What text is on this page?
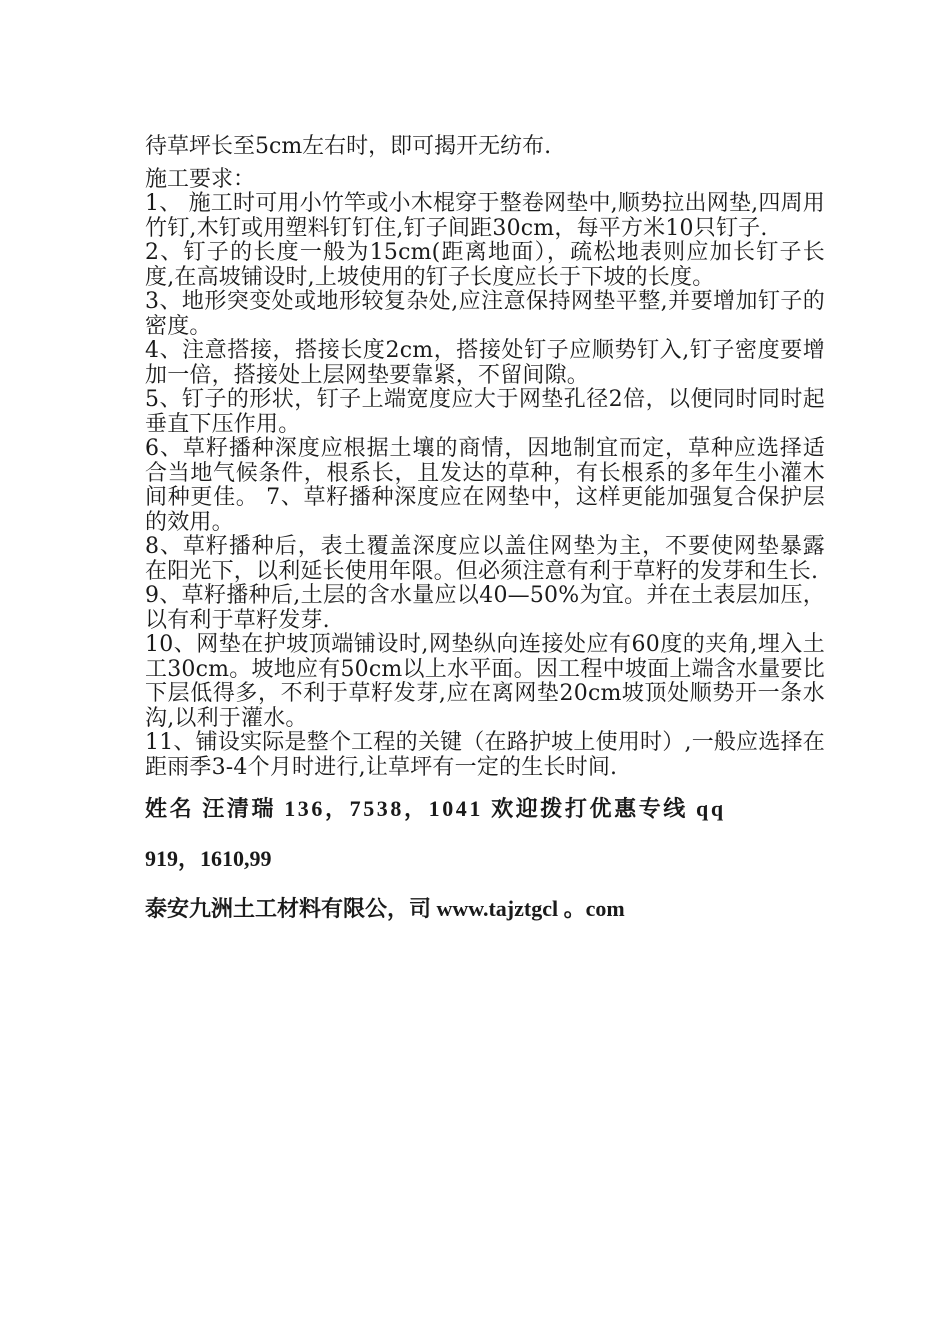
待草坪长至5cm左右时，即可揭开无纺布.

施工要求：

1、 施工时可用小竹竿或小木棍穿于整卷网垫中,顺势拉出网垫,四周用竹钉,木钉或用塑料钉钉住,钉子间距30cm，每平方米10只钉子.
2、钉子的长度一般为15cm(距离地面），疏松地表则应加长钉子长度,在高坡铺设时,上坡使用的钉子长度应长于下坡的长度。
3、地形突变处或地形较复杂处,应注意保持网垫平整,并要增加钉子的密度。
4、注意搭接，搭接长度2cm，搭接处钉子应顺势钉入,钉子密度要增加一倍，搭接处上层网垫要靠紧，不留间隙。
5、钉子的形状，钉子上端宽度应大于网垫孔径2倍，以便同时同时起垂直下压作用。
6、草籽播种深度应根据土壤的商情，因地制宜而定，草种应选择适合当地气候条件，根系长，且发达的草种，有长根系的多年生小灌木间种更佳。 7、草籽播种深度应在网垫中，这样更能加强复合保护层的效用。
8、草籽播种后，表土覆盖深度应以盖住网垫为主，不要使网垫暴露在阳光下，以利延长使用年限。但必须注意有利于草籽的发芽和生长.
9、草籽播种后,土层的含水量应以40—50%为宜。并在土表层加压，以有利于草籽发芽.
10、网垫在护坡顶端铺设时,网垫纵向连接处应有60度的夹角,埋入土工30cm。坡地应有50cm以上水平面。因工程中坡面上端含水量要比下层低得多，不利于草籽发芽,应在离网垫20cm坡顶处顺势开一条水沟,以利于灌水。
11、铺设实际是整个工程的关键（在路护坡上使用时）,一般应选择在距雨季3-4个月时进行,让草坪有一定的生长时间.

姓名 汪清瑞 136，7538，1041 欢迎拨打优惠专线 qq

919，1610,99

泰安九洲土工材料有限公，司 www.tajztgcl 。com
